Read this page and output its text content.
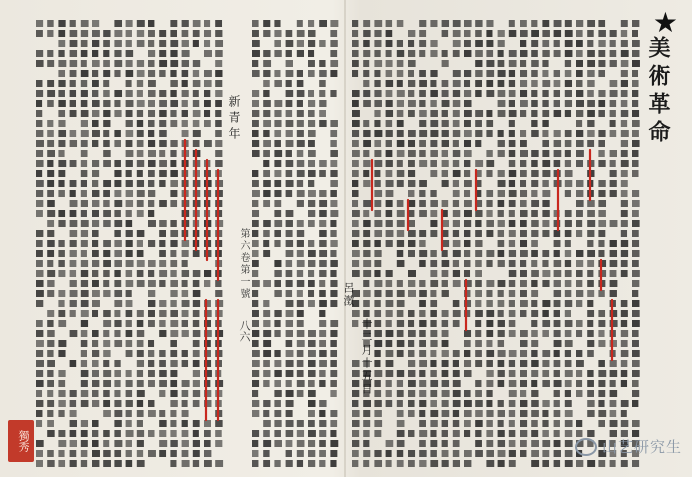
★
美術革命
新青年
第六卷第一號
八六
呂澂
十二月十五日
獨秀	山艺研究生
